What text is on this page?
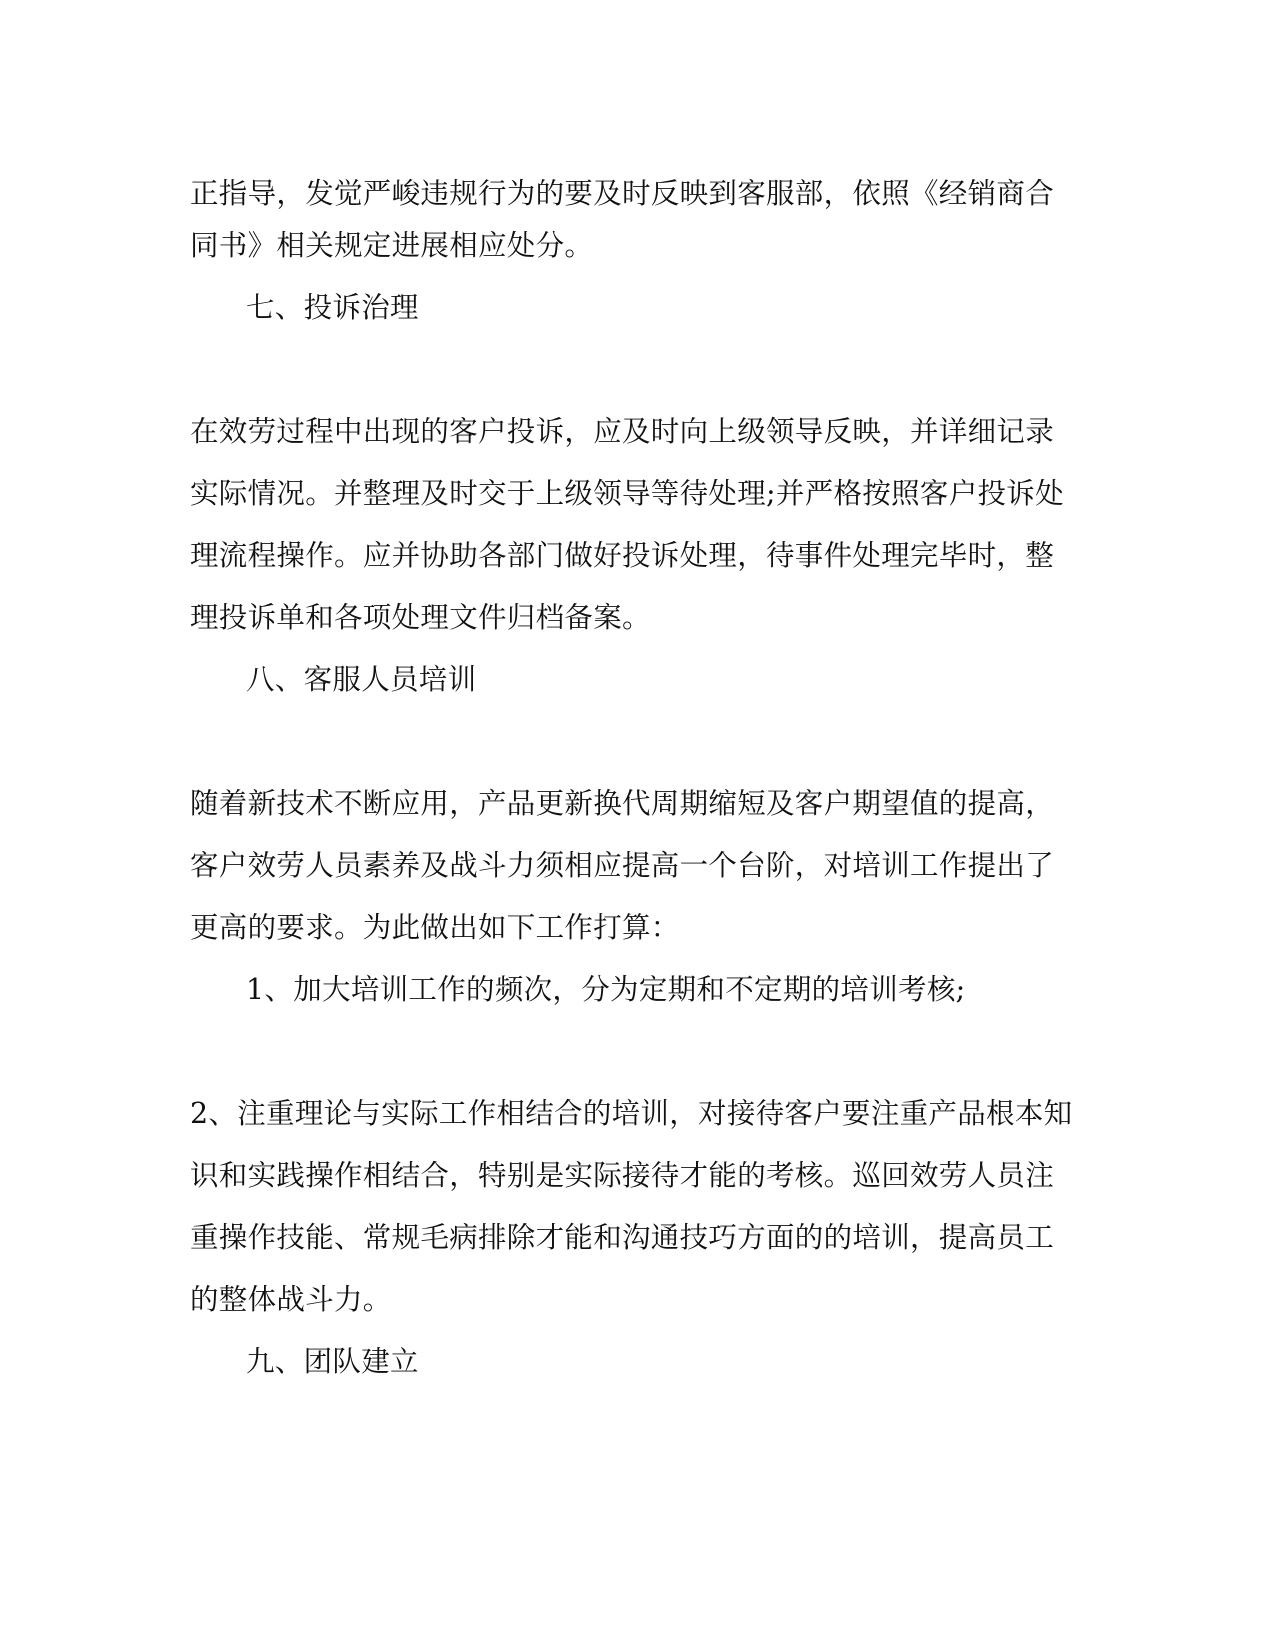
正指导，发觉严峻违规行为的要及时反映到客服部，依照《经销商合
同书》相关规定进展相应处分。
七、投诉治理
在效劳过程中出现的客户投诉，应及时向上级领导反映，并详细记录
实际情况。并整理及时交于上级领导等待处理;并严格按照客户投诉处
理流程操作。应并协助各部门做好投诉处理，待事件处理完毕时，整
理投诉单和各项处理文件归档备案。
八、客服人员培训
随着新技术不断应用，产品更新换代周期缩短及客户期望值的提高，
客户效劳人员素养及战斗力须相应提高一个台阶，对培训工作提出了
更高的要求。为此做出如下工作打算：
1、加大培训工作的频次，分为定期和不定期的培训考核;
2、注重理论与实际工作相结合的培训，对接待客户要注重产品根本知
识和实践操作相结合，特别是实际接待才能的考核。巡回效劳人员注
重操作技能、常规毛病排除才能和沟通技巧方面的的培训，提高员工
的整体战斗力。
九、团队建立
